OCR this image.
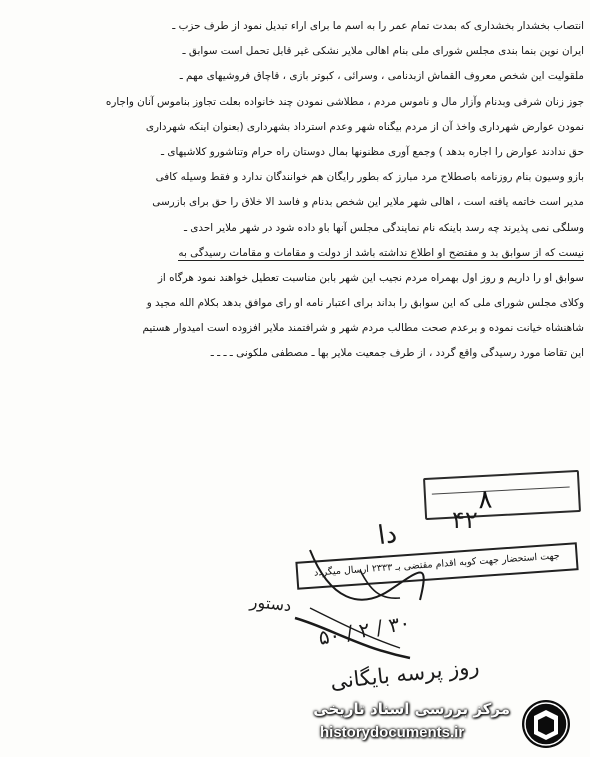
انتصاب بخشدار بخشداری که بمدت تمام عمر را به اسم ما برای اراء تبدیل نمود از طرف حزب ـ
ایران نوین بنما بندی مجلس شورای ملی بنام اهالی ملایر نشکی غیر قابل تحمل است سوابق ـ
ملقولیت این شخص معروف القماش ازبدنامی ، وسرائی ، کبوتر بازی ، قاچاق فروشیهای مهم ـ
جوز زنان شرفی وبدنام وآزار مال و ناموس مردم ، مطلاشی نمودن چند خانواده بعلت تجاوز بناموس آنان واجاره
نمودن عوارض شهرداری واخذ آن از مردم بیگناه شهر وعدم استرداد بشهرداری (بعنوان اینکه شهرداری
حق ندادند عوارض را اجاره بدهد ) وجمع آوری مظنونها بمال دوستان راه حرام وتناشورو کلاشیهای ـ
بازو وسیون بنام روزنامه باصطلاح مرد مبارز که بطور رایگان هم خوانندگان ندارد و فقط وسیله کافی
مدیر است خاتمه یافته است ، اهالی شهر ملایر این شخص بدنام و فاسد الا خلاق را حق برای بازرسی
وسلگی نمی پذیرند چه رسد باینکه نام نمایندگی مجلس آنها باو داده شود در شهر ملایر احدی ـ
نیست که از سوابق بد و مفتضح او اطلاع نداشته باشد از دولت و مقامات و مقامات رسیدگی به
سوابق او را داریم و روز اول بهمراه مردم نجیب این شهر بابن مناسبت تعطیل خواهند نمود هرگاه از
وکلای مجلس شورای ملی که این سوابق را بداند برای اعتبار نامه او رای موافق بدهد بکلام الله مجید و
شاهنشاه خیانت نموده و برعدم صحت مطالب مردم شهر و شرافتمند ملایر افزوده است امیدوار هستیم
این تقاضا مورد رسیدگی واقع گردد ، از طرف جمعیت ملایر بها ـ مصطفی ملکونی ـ ـ ـ ـ
۸
۴۲
دا
جهت استحضار جهت کوبه اقدام مقتضی بـ ۲۳۳۳ ارسال میگردد
دستور
۳۰ / ۲ / ۵۰
روز پرسه بایگانی
مرکز بررسی اسناد تاریخی
historydocuments.ir
